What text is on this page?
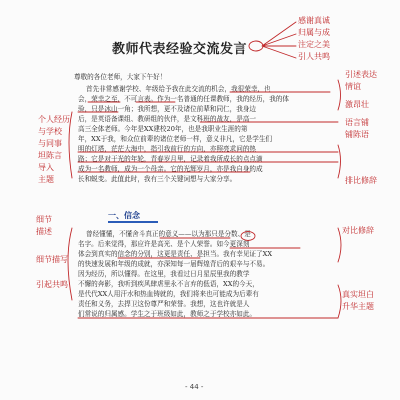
教师代表经验交流发言
尊敬的各位老师，大家下午好！
首先非常感谢学校、年级给予我在此交流的机会，我很荣幸，也
会，荣幸之至，不可言表。作为一名普通的任课教师，我的经历，我的体
验，只是冰山一角；我所想，更不及诸位前辈和同仁，我身边
后，是英语备课组、教研组的伙伴，是文科班的战友，是高一
高三全体老师。今年是XX建校20年，也是我职业生涯的第
年，XX于我，和众位前辈的诸位老师一样，意义非凡，它是学生们
明的灯塔，茫茫大海中，指引我前行的方向，亦照亮求问的热
路；它是对于光的年轮，青春岁月里，记录着我所成长的点点滴
成为一名教师，成为一个母亲。它的光辉岁月，亦是我自身的成
长和蜕变。此值此时，我有三个关键词想与大家分享。
一、信念
曾经懂懂，不懂舍斗真正的意义——以为那只是分数、是
名字。后来觉得，那应许是高光、是个人荣誉。如今更深刻
体会到真实的信念的分别，这更是责任、是担当。我有幸见证了XX
的快速发展和年级的成就，亦深知每一届辉煌背后的艰辛与不易。
因为经历，所以懂得。在这里，我看过日月星辰里我的教学
不懈的奔影，我听到疾风肆虐里永不言弃的低语，XX的今天，
是代代XX人用汗水和热血铸就的，我们将来也可能成为后辈有
责任和义务，去捍卫这份尊严和荣誉。我想，这也许就是人
们常说的归属感。学生之于班级如此，教师之于学校亦如此。
- 44 -
感谢真诚
归属与成
注定之美
引人共鸣
引述表达
情谊
激昂壮
语言铺
铺陈语
排比修辞
个人经历
与学校
与同事
坦陈言
导入
主题
细节
描述
细节描写
引起共鸣
对比修辞
真实坦白
升华主题
